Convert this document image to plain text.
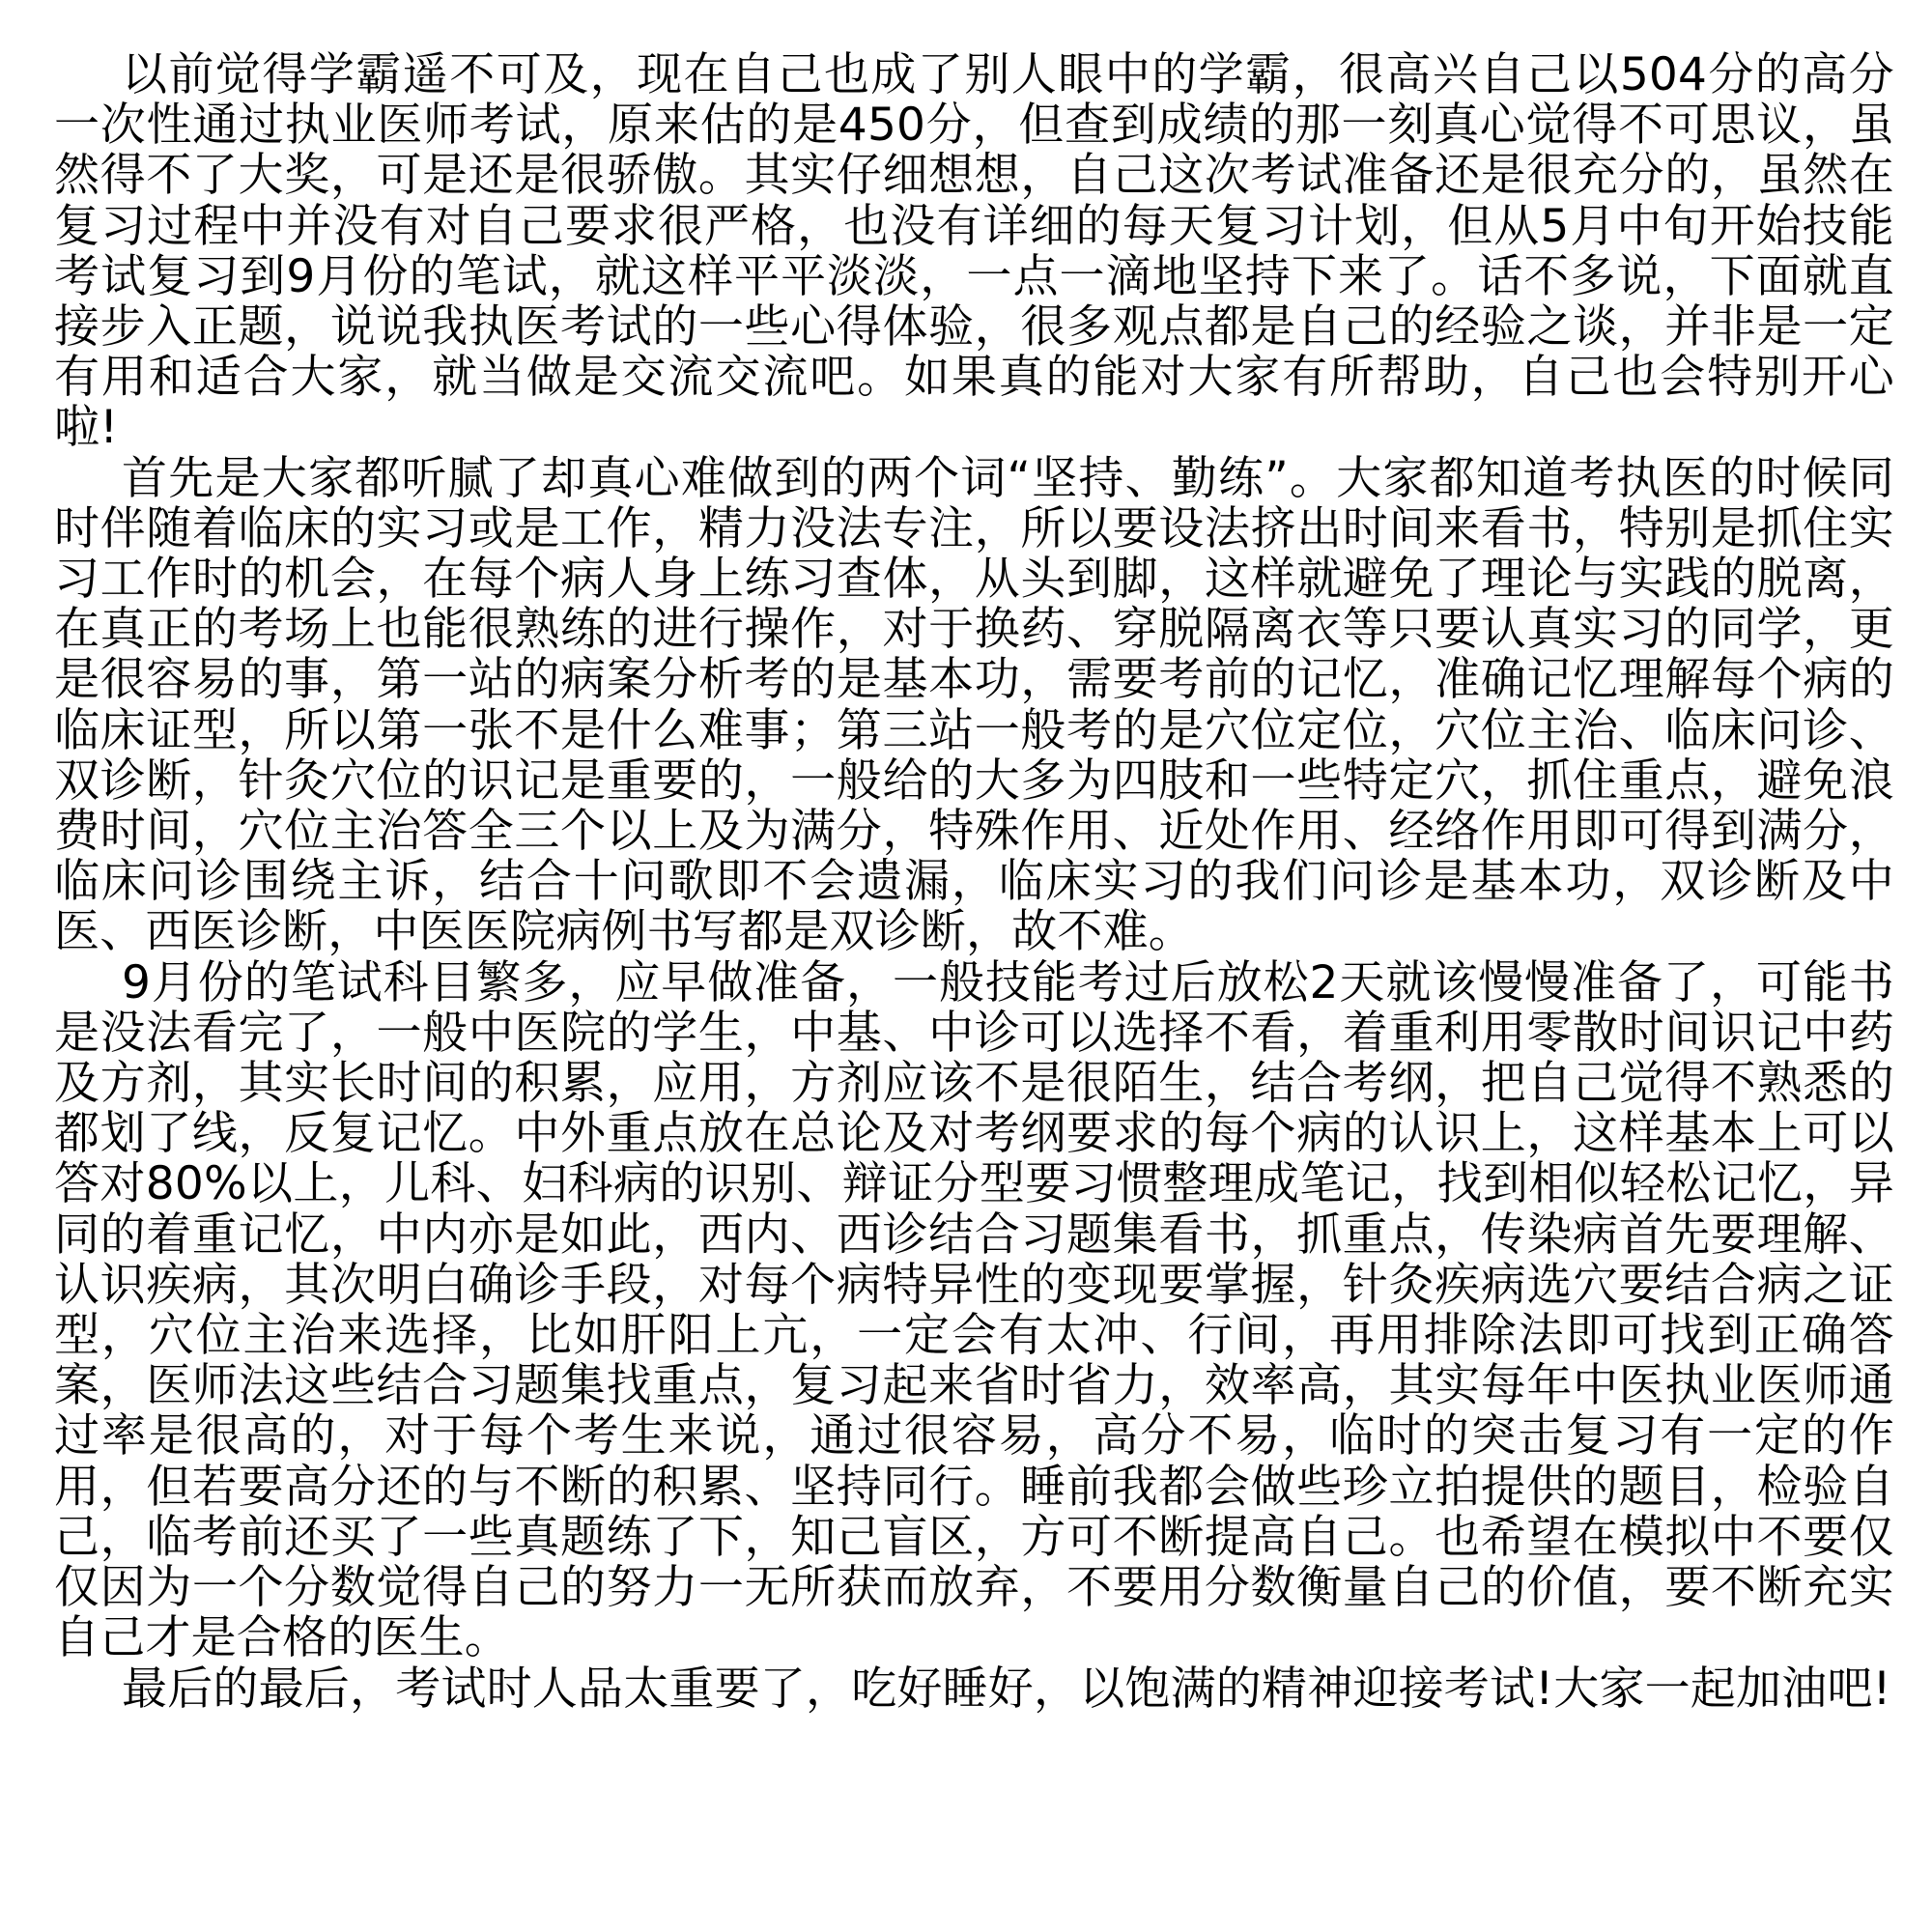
以前觉得学霸遥不可及，现在自己也成了别人眼中的学霸，很高兴自己以504分的高分一次性通过执业医师考试，原来估的是450分，但查到成绩的那一刻真心觉得不可思议，虽然得不了大奖，可是还是很骄傲。其实仔细想想，自己这次考试准备还是很充分的，虽然在复习过程中并没有对自己要求很严格，也没有详细的每天复习计划，但从5月中旬开始技能考试复习到9月份的笔试，就这样平平淡淡，一点一滴地坚持下来了。话不多说，下面就直接步入正题，说说我执医考试的一些心得体验，很多观点都是自己的经验之谈，并非是一定有用和适合大家，就当做是交流交流吧。如果真的能对大家有所帮助，自己也会特别开心啦!

首先是大家都听腻了却真心难做到的两个词“坚持、勤练”。大家都知道考执医的时候同时伴随着临床的实习或是工作，精力没法专注，所以要设法挤出时间来看书，特别是抓住实习工作时的机会，在每个病人身上练习查体，从头到脚，这样就避免了理论与实践的脱离，在真正的考场上也能很熟练的进行操作，对于换药、穿脱隔离衣等只要认真实习的同学，更是很容易的事，第一站的病案分析考的是基本功，需要考前的记忆，准确记忆理解每个病的临床证型，所以第一张不是什么难事；第三站一般考的是穴位定位，穴位主治、临床问诊、双诊断，针灸穴位的识记是重要的，一般给的大多为四肢和一些特定穴，抓住重点，避免浪费时间，穴位主治答全三个以上及为满分，特殊作用、近处作用、经络作用即可得到满分，临床问诊围绕主诉，结合十问歌即不会遗漏，临床实习的我们问诊是基本功，双诊断及中医、西医诊断，中医医院病例书写都是双诊断，故不难。

9月份的笔试科目繁多，应早做准备，一般技能考过后放松2天就该慢慢准备了，可能书是没法看完了，一般中医院的学生，中基、中诊可以选择不看，着重利用零散时间识记中药及方剂，其实长时间的积累，应用，方剂应该不是很陌生，结合考纲，把自己觉得不熟悉的都划了线，反复记忆。中外重点放在总论及对考纲要求的每个病的认识上，这样基本上可以答对80%以上，儿科、妇科病的识别、辩证分型要习惯整理成笔记，找到相似轻松记忆，异同的着重记忆，中内亦是如此，西内、西诊结合习题集看书，抓重点，传染病首先要理解、认识疾病，其次明白确诊手段，对每个病特异性的变现要掌握，针灸疾病选穴要结合病之证型，穴位主治来选择，比如肝阳上亢，一定会有太冲、行间，再用排除法即可找到正确答案，医师法这些结合习题集找重点，复习起来省时省力，效率高，其实每年中医执业医师通过率是很高的，对于每个考生来说，通过很容易，高分不易，临时的突击复习有一定的作用，但若要高分还的与不断的积累、坚持同行。睡前我都会做些珍立拍提供的题目，检验自己，临考前还买了一些真题练了下，知己盲区，方可不断提高自己。也希望在模拟中不要仅仅因为一个分数觉得自己的努力一无所获而放弃，不要用分数衡量自己的价值，要不断充实自己才是合格的医生。

最后的最后，考试时人品太重要了，吃好睡好，以饱满的精神迎接考试!大家一起加油吧!
